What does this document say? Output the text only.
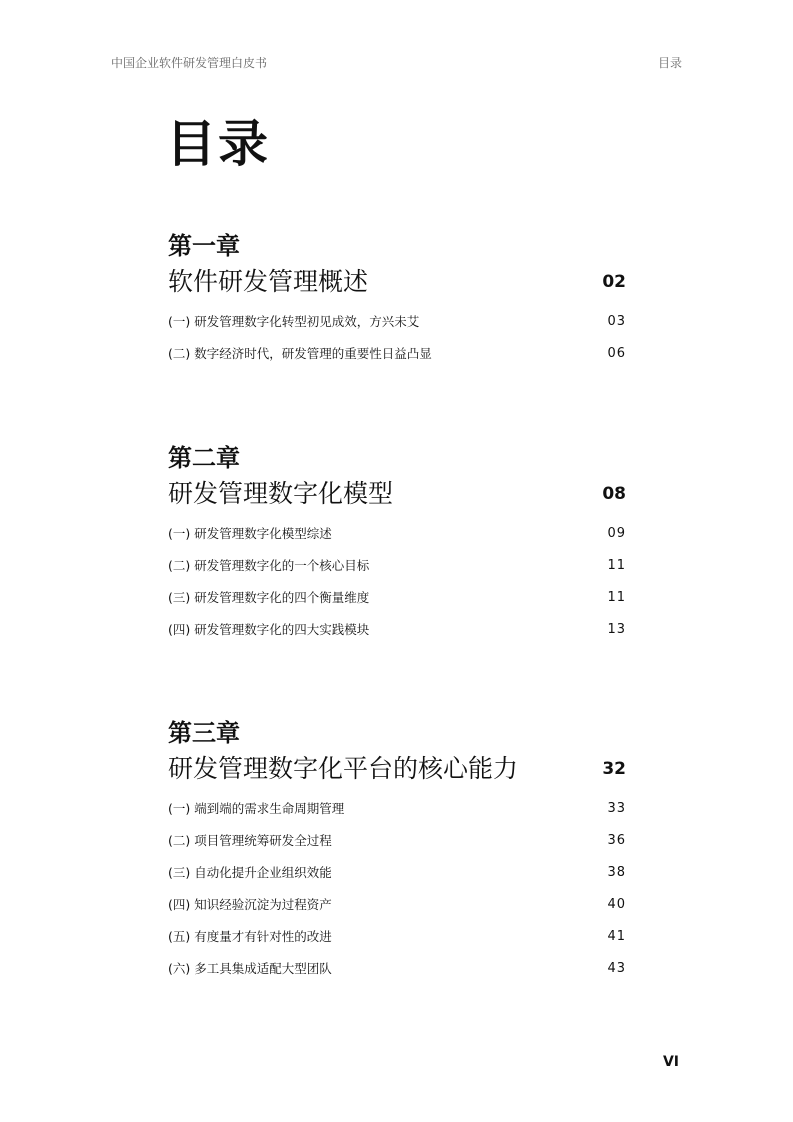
中国企业软件研发管理白皮书	目录
目录
第一章
软件研发管理概述	02
(一) 研发管理数字化转型初见成效，方兴未艾	03
(二) 数字经济时代，研发管理的重要性日益凸显	06
第二章
研发管理数字化模型	08
(一) 研发管理数字化模型综述	09
(二) 研发管理数字化的一个核心目标	11
(三) 研发管理数字化的四个衡量维度	11
(四) 研发管理数字化的四大实践模块	13
第三章
研发管理数字化平台的核心能力	32
(一) 端到端的需求生命周期管理	33
(二) 项目管理统筹研发全过程	36
(三) 自动化提升企业组织效能	38
(四) 知识经验沉淀为过程资产	40
(五) 有度量才有针对性的改进	41
(六) 多工具集成适配大型团队	43
VI
